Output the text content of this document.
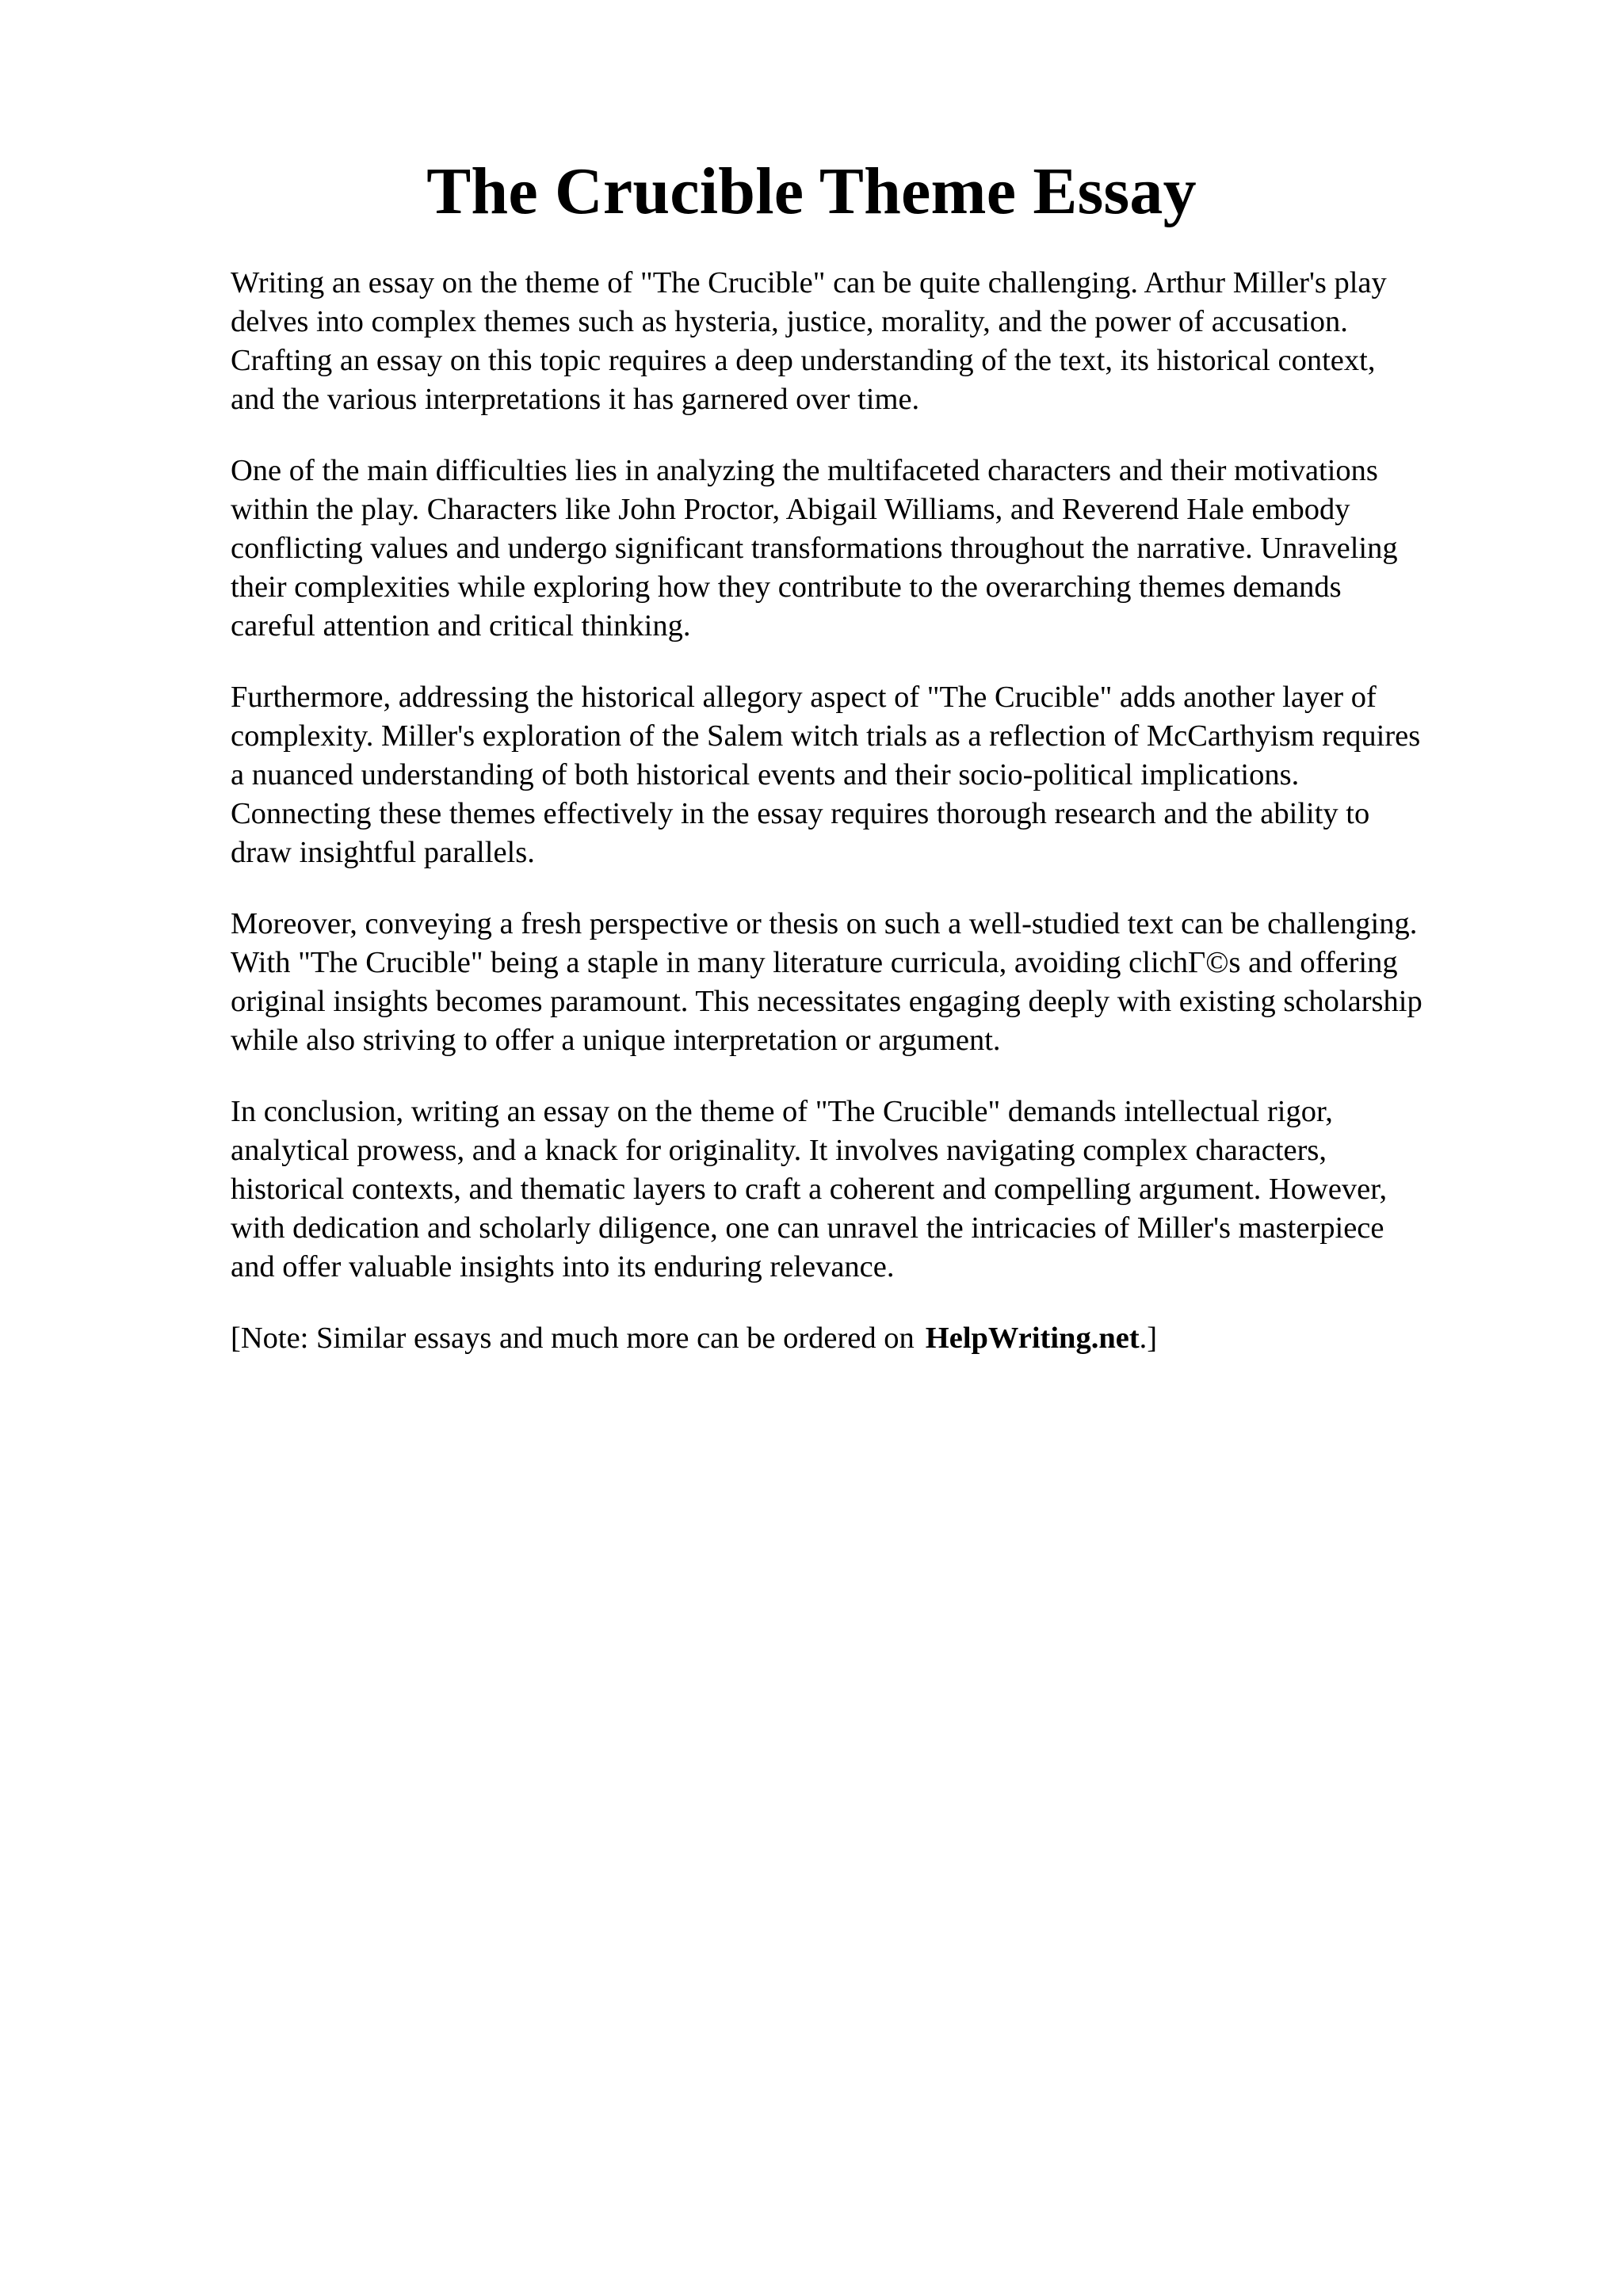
The Crucible Theme Essay

Writing an essay on the theme of "The Crucible" can be quite challenging. Arthur Miller's play
delves into complex themes such as hysteria, justice, morality, and the power of accusation.
Crafting an essay on this topic requires a deep understanding of the text, its historical context,
and the various interpretations it has garnered over time.

One of the main difficulties lies in analyzing the multifaceted characters and their motivations
within the play. Characters like John Proctor, Abigail Williams, and Reverend Hale embody
conflicting values and undergo significant transformations throughout the narrative. Unraveling
their complexities while exploring how they contribute to the overarching themes demands
careful attention and critical thinking.

Furthermore, addressing the historical allegory aspect of "The Crucible" adds another layer of
complexity. Miller's exploration of the Salem witch trials as a reflection of McCarthyism requires
a nuanced understanding of both historical events and their socio-political implications.
Connecting these themes effectively in the essay requires thorough research and the ability to
draw insightful parallels.

Moreover, conveying a fresh perspective or thesis on such a well-studied text can be challenging.
With "The Crucible" being a staple in many literature curricula, avoiding clichΓ©s and offering
original insights becomes paramount. This necessitates engaging deeply with existing scholarship
while also striving to offer a unique interpretation or argument.

In conclusion, writing an essay on the theme of "The Crucible" demands intellectual rigor,
analytical prowess, and a knack for originality. It involves navigating complex characters,
historical contexts, and thematic layers to craft a coherent and compelling argument. However,
with dedication and scholarly diligence, one can unravel the intricacies of Miller's masterpiece
and offer valuable insights into its enduring relevance.

[Note: Similar essays and much more can be ordered on HelpWriting.net.]
